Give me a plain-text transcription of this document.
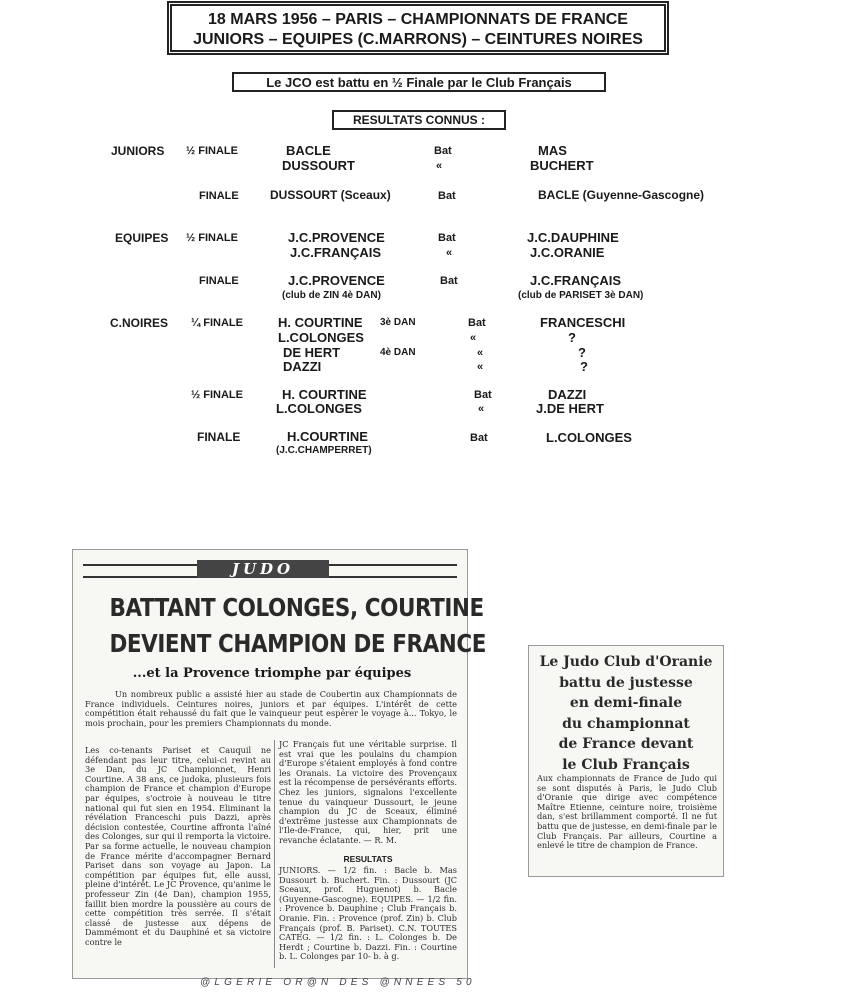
18 MARS 1956 – PARIS – CHAMPIONNATS DE FRANCE
JUNIORS – EQUIPES (C.MARRONS) – CEINTURES NOIRES
Le JCO est battu en ½ Finale par le Club Français
RESULTATS CONNUS :
JUNIORS ½ FINALE	BACLE	Bat	MAS
DUSSOURT	«	BUCHERT
FINALE	DUSSOURT (Sceaux)	Bat	BACLE (Guyenne-Gascogne)
EQUIPES ½ FINALE	J.C.PROVENCE	Bat	J.C.DAUPHINE
J.C.FRANÇAIS	«	J.C.ORANIE
FINALE	J.C.PROVENCE	Bat	J.C.FRANÇAIS
(club de ZIN 4è DAN)	(club de PARISET 3è DAN)
C.NOIRES ¼ FINALE	H. COURTINE 3è DAN	Bat	FRANCESCHI
L.COLONGES	«	?
DE HERT	4è DAN	«	?
DAZZI	«	?
½ FINALE	H. COURTINE	Bat	DAZZI
L.COLONGES	«	J.DE HERT
FINALE	H.COURTINE	Bat	L.COLONGES
(J.C.CHAMPERRET)
JUDO
BATTANT COLONGES, COURTINE
DEVIENT CHAMPION DE FRANCE
...et la Provence triomphe par équipes
Un nombreux public a assisté hier au stade de Coubertin aux Championnats de France individuels. Ceintures noires, juniors et par équipes. L'intérêt de cette compétition était rehaussé du fait que le vainqueur peut espérer le voyage à... Tokyo, le mois prochain, pour les premiers Championnats du monde.
Les co-tenants Pariset et Cauquil ne défendant pas leur titre, celui-ci revint au 3e Dan, du JC Championnet, Henri Courtine. A 38 ans, ce judoka, plusieurs fois champion de France et champion d'Europe par équipes, s'octroie à nouveau le titre national qui fut sien en 1954. Eliminant la révélation Franceschi puis Dazzi, après décision contestée, Courtine affronta l'aîné des Colonges, sur qui il remporta la victoire. Par sa forme actuelle, le nouveau champion de France mérite d'accompagner Bernard Pariset dans son voyage au Japon. La compétition par équipes fut, elle aussi, pleine d'intérêt. Le JC Provence, qu'anime le professeur Zin (4e Dan), champion 1955, faillit bien mordre la poussière au cours de cette compétition très serrée. Il s'était classé de justesse aux dépens de Dammémont et du Dauphiné et sa victoire contre le
JC Français fut une véritable surprise. Il est vrai que les poulains du champion d'Europe s'étaient employés à fond contre les Oranais. La victoire des Provençaux est la récompense de persévérants efforts. Chez les juniors, signalons l'excellente tenue du vainqueur Dussourt, le jeune champion du JC de Sceaux, éliminé d'extrême justesse aux Championnats de l'Ile-de-France, qui, hier, prit une revanche éclatante. — R. M.
RESULTATS
JUNIORS. — 1/2 fin. : Bacle b. Mas Dussourt b. Buchert. Fin. : Dussourt (JC Sceaux, prof. Huguenot) b. Bacle (Guyenne-Gascogne). EQUIPES. — 1/2 fin. : Provence b. Dauphine ; Club Français b. Oranie. Fin. : Provence (prof. Zin) b. Club Français (prof. B. Pariset). C.N. TOUTES CATEG. — 1/2 fin. : L. Colonges b. De Herdt ; Courtine b. Dazzi. Fin. : Courtine b. L. Colonges par 10- b. à g.
Le Judo Club d'Oranie
battu de justesse
en demi-finale
du championnat
de France devant
le Club Français
Aux championnats de France de Judo qui se sont disputés à Paris, le Judo Club d'Oranie que dirige avec compétence Maître Etienne, ceinture noire, troisième dan, s'est brillamment comporté. Il ne fut battu que de justesse, en demi-finale par le Club Français. Par ailleurs, Courtine a enlevé le titre de champion de France.
@LGERIE OR@N DES @NNEES 50
